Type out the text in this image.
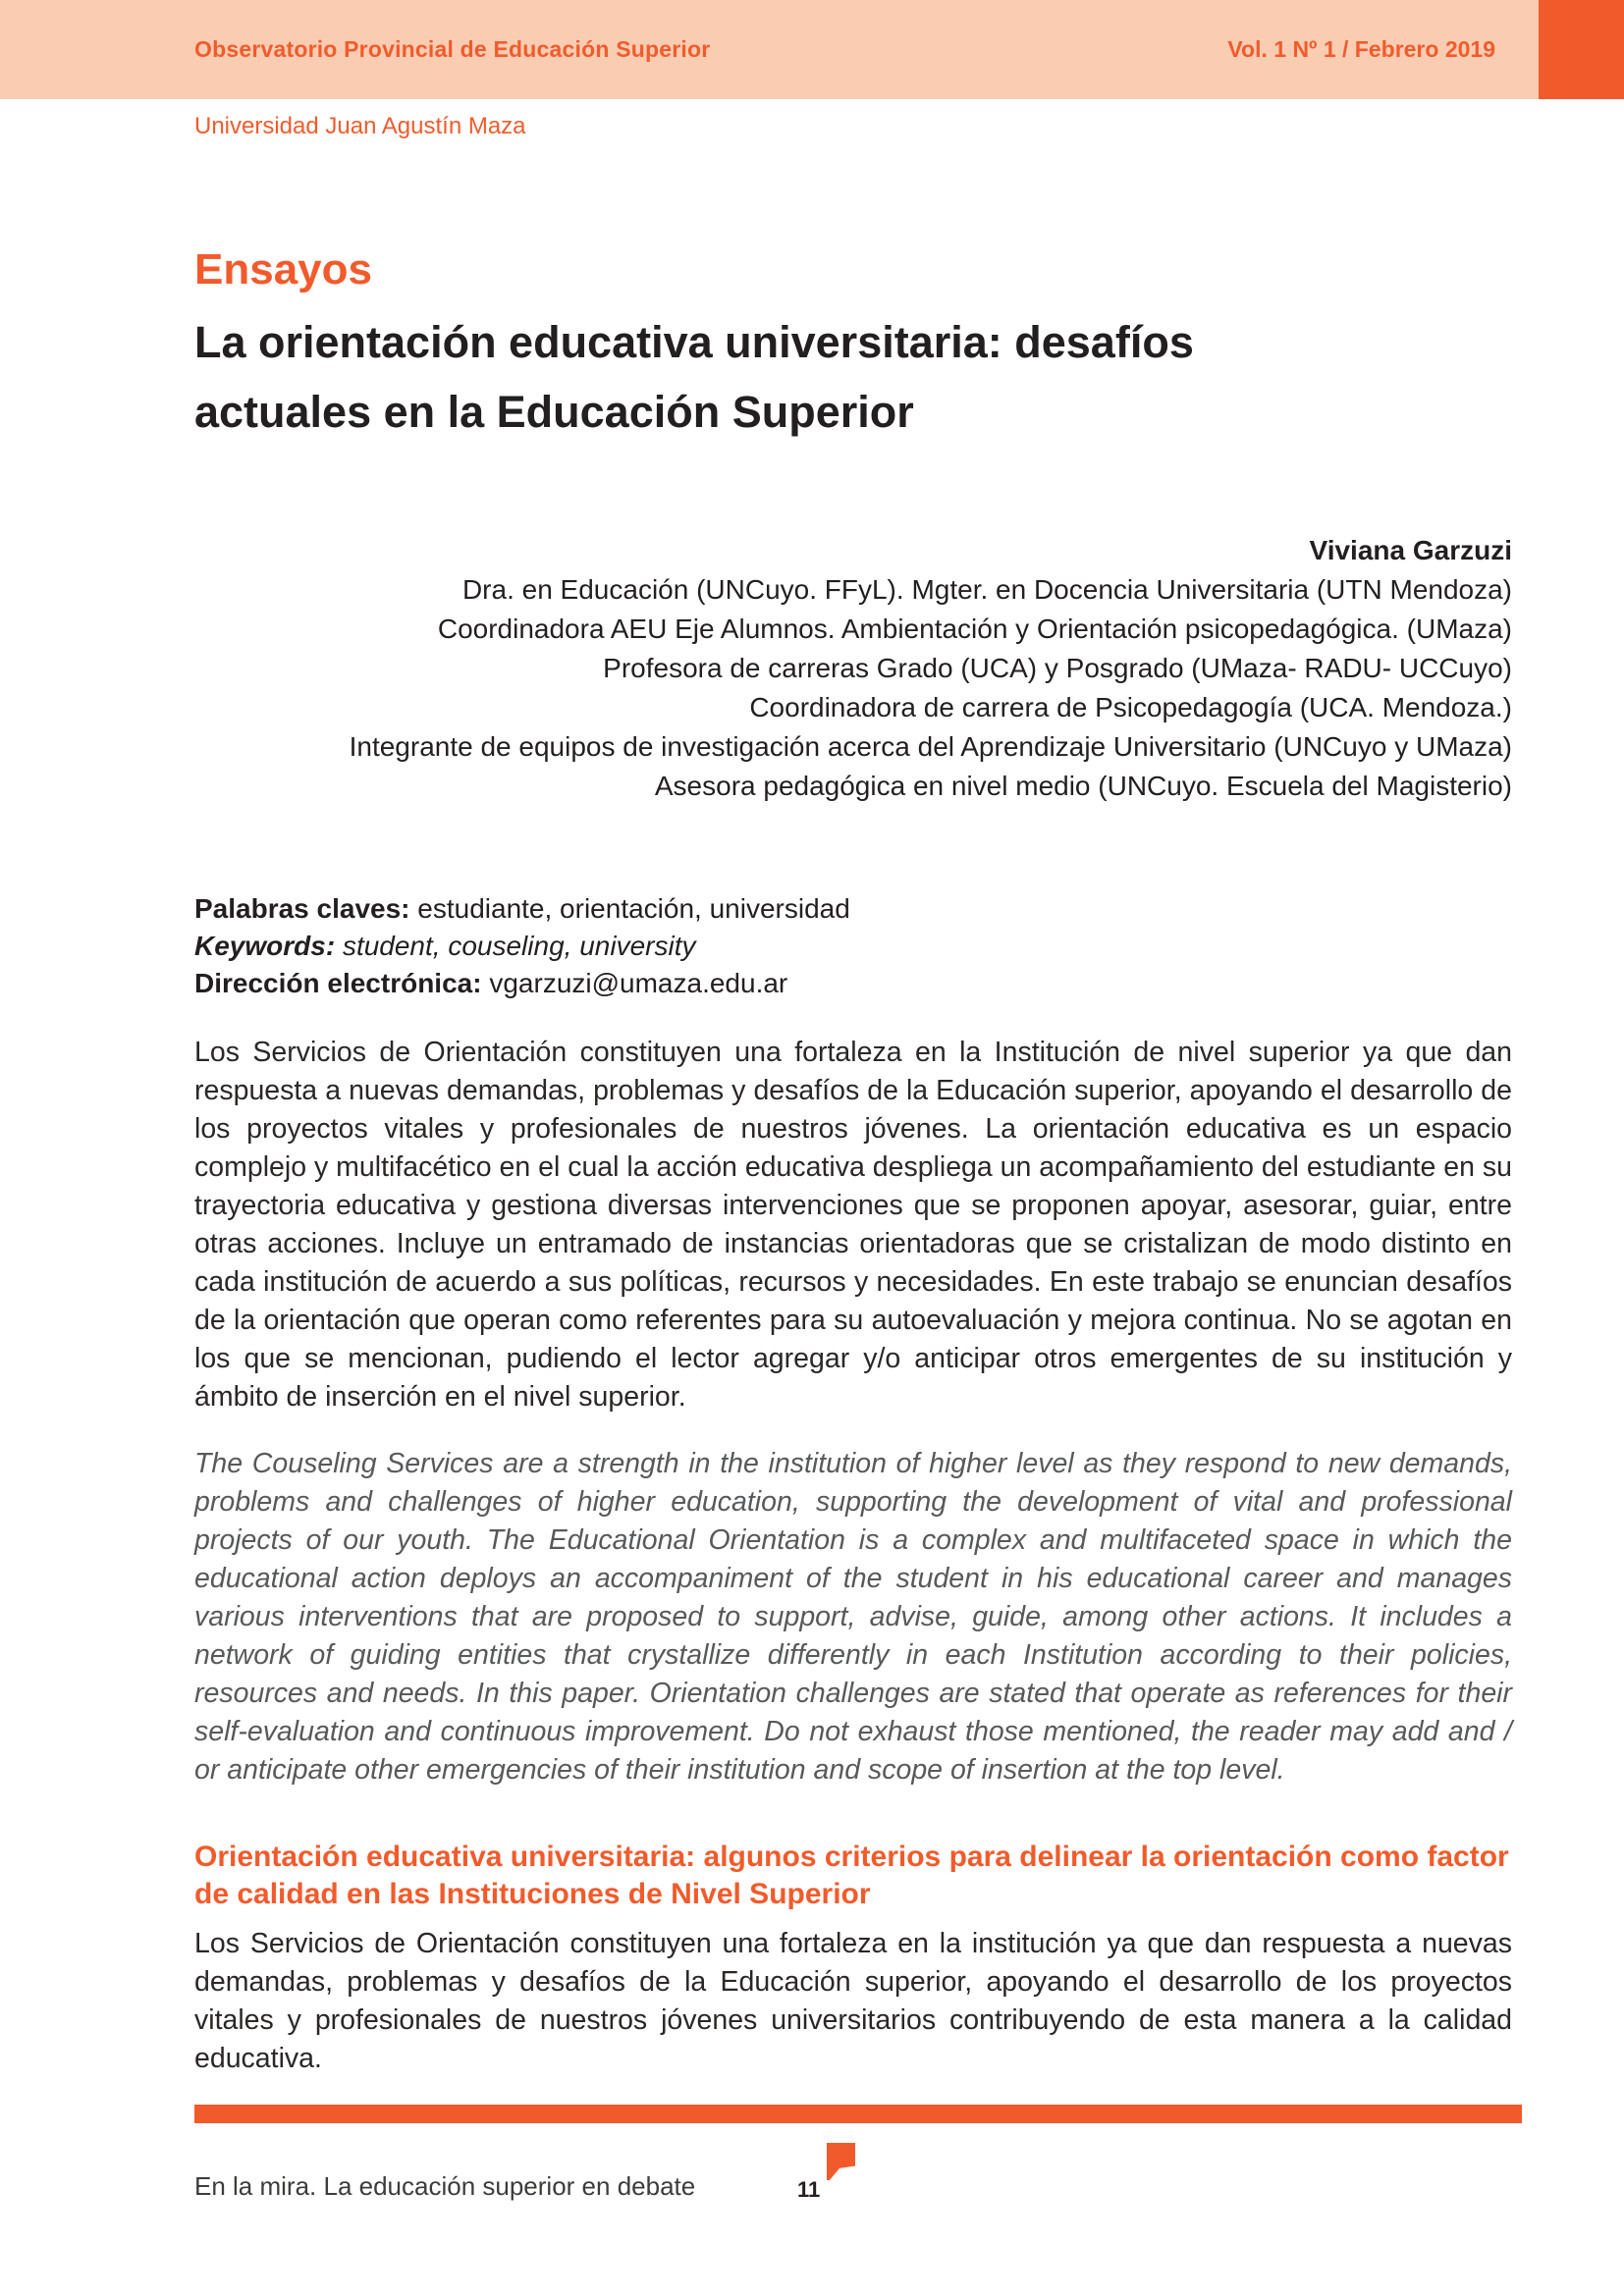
Observatorio Provincial de Educación Superior	Vol. 1 Nº 1 / Febrero 2019
Universidad Juan Agustín Maza
Ensayos
La orientación educativa universitaria: desafíos actuales en la Educación Superior
Viviana Garzuzi
Dra. en Educación (UNCuyo. FFyL). Mgter. en Docencia Universitaria (UTN Mendoza)
Coordinadora AEU Eje Alumnos. Ambientación y Orientación psicopedagógica. (UMaza)
Profesora de carreras Grado (UCA) y Posgrado (UMaza- RADU- UCCuyo)
Coordinadora de carrera de Psicopedagogía (UCA. Mendoza.)
Integrante de equipos de investigación acerca del Aprendizaje Universitario (UNCuyo y UMaza)
Asesora pedagógica en nivel medio (UNCuyo. Escuela del Magisterio)
Palabras claves: estudiante, orientación, universidad
Keywords: student, couseling, university
Dirección electrónica: vgarzuzi@umaza.edu.ar

Los Servicios de Orientación constituyen una fortaleza en la Institución de nivel superior ya que dan respuesta a nuevas demandas, problemas y desafíos de la Educación superior, apoyando el desarrollo de los proyectos vitales y profesionales de nuestros jóvenes. La orientación educativa es un espacio complejo y multifacético en el cual la acción educativa despliega un acompañamiento del estudiante en su trayectoria educativa y gestiona diversas intervenciones que se proponen apoyar, asesorar, guiar, entre otras acciones. Incluye un entramado de instancias orientadoras que se cristalizan de modo distinto en cada institución de acuerdo a sus políticas, recursos y necesidades. En este trabajo se enuncian desafíos de la orientación que operan como referentes para su autoevaluación y mejora continua. No se agotan en los que se mencionan, pudiendo el lector agregar y/o anticipar otros emergentes de su institución y ámbito de inserción en el nivel superior.

The Couseling Services are a strength in the institution of higher level as they respond to new demands, problems and challenges of higher education, supporting the development of vital and professional projects of our youth. The Educational Orientation is a complex and multifaceted space in which the educational action deploys an accompaniment of the student in his educational career and manages various interventions that are proposed to support, advise, guide, among other actions. It includes a network of guiding entities that crystallize differently in each Institution according to their policies, resources and needs. In this paper. Orientation challenges are stated that operate as references for their self-evaluation and continuous improvement. Do not exhaust those mentioned, the reader may add and / or anticipate other emergencies of their institution and scope of insertion at the top level.

Orientación educativa universitaria: algunos criterios para delinear la orientación como factor de calidad en las Instituciones de Nivel Superior

Los Servicios de Orientación constituyen una fortaleza en la institución ya que dan respuesta a nuevas demandas, problemas y desafíos de la Educación superior, apoyando el desarrollo de los proyectos vitales y profesionales de nuestros jóvenes universitarios contribuyendo de esta manera a la calidad educativa.

En la mira. La educación superior en debate	11
